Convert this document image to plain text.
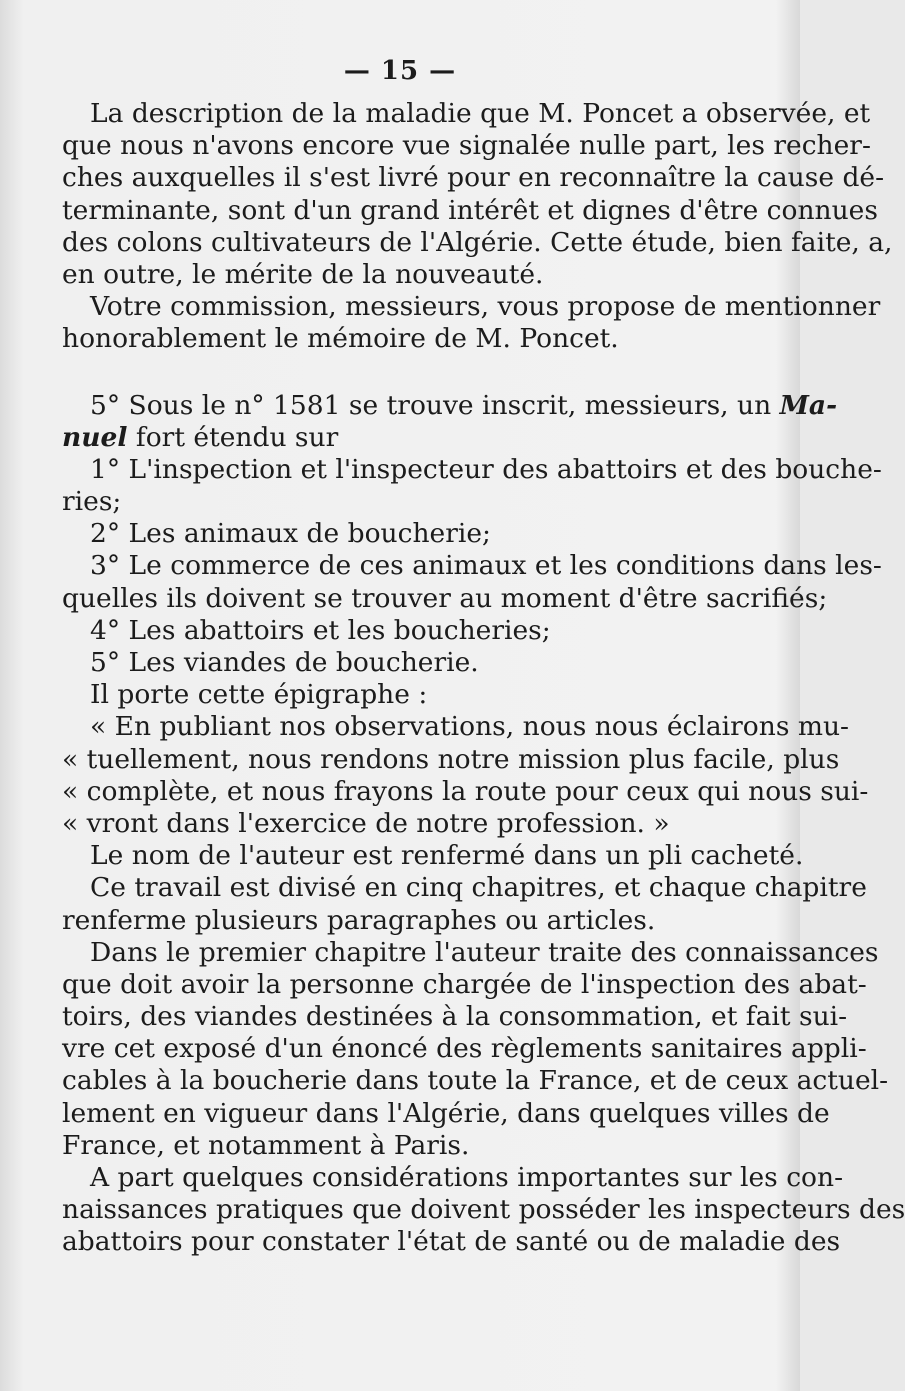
— 15 —
La description de la maladie que M. Poncet a observée, et
que nous n'avons encore vue signalée nulle part, les recher-
ches auxquelles il s'est livré pour en reconnaître la cause dé-
terminante, sont d'un grand intérêt et dignes d'être connues
des colons cultivateurs de l'Algérie. Cette étude, bien faite, a,
en outre, le mérite de la nouveauté.
Votre commission, messieurs, vous propose de mentionner
honorablement le mémoire de M. Poncet.
5° Sous le n° 1581 se trouve inscrit, messieurs, un Ma-
nuel fort étendu sur
1° L'inspection et l'inspecteur des abattoirs et des bouche-
ries;
2° Les animaux de boucherie;
3° Le commerce de ces animaux et les conditions dans les-
quelles ils doivent se trouver au moment d'être sacrifiés;
4° Les abattoirs et les boucheries;
5° Les viandes de boucherie.
Il porte cette épigraphe :
« En publiant nos observations, nous nous éclairons mu-
« tuellement, nous rendons notre mission plus facile, plus
« complète, et nous frayons la route pour ceux qui nous sui-
« vront dans l'exercice de notre profession. »
Le nom de l'auteur est renfermé dans un pli cacheté.
Ce travail est divisé en cinq chapitres, et chaque chapitre
renferme plusieurs paragraphes ou articles.
Dans le premier chapitre l'auteur traite des connaissances
que doit avoir la personne chargée de l'inspection des abat-
toirs, des viandes destinées à la consommation, et fait sui-
vre cet exposé d'un énoncé des règlements sanitaires appli-
cables à la boucherie dans toute la France, et de ceux actuel-
lement en vigueur dans l'Algérie, dans quelques villes de
France, et notamment à Paris.
A part quelques considérations importantes sur les con-
naissances pratiques que doivent posséder les inspecteurs des
abattoirs pour constater l'état de santé ou de maladie des
